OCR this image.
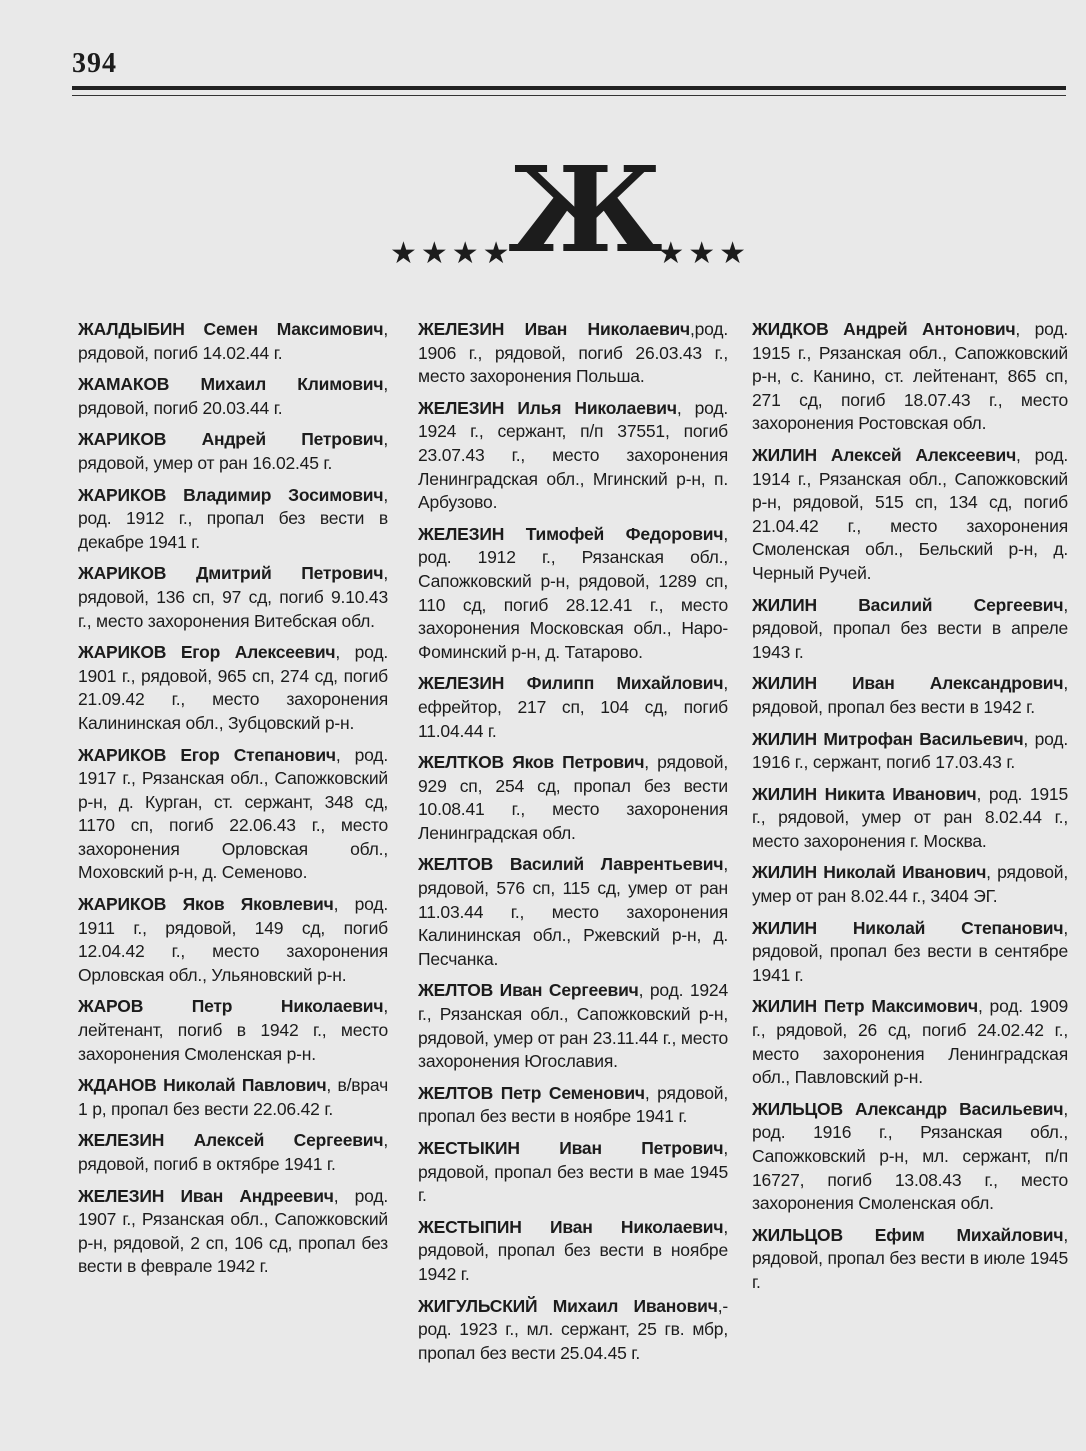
394
★★★★
Ж
★★★

ЖАЛДЫБИН Семен Максимович, рядовой, погиб 14.02.44 г.

ЖАМАКОВ Михаил Климович, рядовой, погиб 20.03.44 г.

ЖАРИКОВ Андрей Петрович, рядовой, умер от ран 16.02.45 г.

ЖАРИКОВ Владимир Зосимович, род. 1912 г., пропал без вести в декабре 1941 г.

ЖАРИКОВ Дмитрий Петрович, рядовой, 136 сп, 97 сд, погиб 9.10.43 г., место захоронения Витебская обл.

ЖАРИКОВ Егор Алексеевич, род. 1901 г., рядовой, 965 сп, 274 сд, погиб 21.09.42 г., место захоронения Калининская обл., Зубцовский р-н.

ЖАРИКОВ Егор Степанович, род. 1917 г., Рязанская обл., Сапожковский р-н, д. Курган, ст. сержант, 348 сд, 1170 сп, погиб 22.06.43 г., место захоронения Орловская обл., Моховский р-н, д. Семеново.

ЖАРИКОВ Яков Яковлевич, род. 1911 г., рядовой, 149 сд, погиб 12.04.42 г., место захоронения Орловская обл., Ульяновский р-н.

ЖАРОВ Петр Николаевич, лейтенант, погиб в 1942 г., место захоронения Смоленская р-н.

ЖДАНОВ Николай Павлович, в/врач 1 р, пропал без вести 22.06.42 г.

ЖЕЛЕЗИН Алексей Сергеевич, рядовой, погиб в октябре 1941 г.

ЖЕЛЕЗИН Иван Андреевич, род. 1907 г., Рязанская обл., Сапожковский р-н, рядовой, 2 сп, 106 сд, пропал без вести в феврале 1942 г.

ЖЕЛЕЗИН Иван Николаевич,род. 1906 г., рядовой, погиб 26.03.43 г., место захоронения Польша.

ЖЕЛЕЗИН Илья Николаевич, род. 1924 г., сержант, п/п 37551, погиб 23.07.43 г., место захоронения Ленинградская обл., Мгинский р-н, п. Арбузово.

ЖЕЛЕЗИН Тимофей Федорович, род. 1912 г., Рязанская обл., Сапожковский р-н, рядовой, 1289 сп, 110 сд, погиб 28.12.41 г., место захоронения Московская обл., Наро-Фоминский р-н, д. Татарово.

ЖЕЛЕЗИН Филипп Михайлович, ефрейтор, 217 сп, 104 сд, погиб 11.04.44 г.

ЖЕЛТКОВ Яков Петрович, рядовой, 929 сп, 254 сд, пропал без вести 10.08.41 г., место захоронения Ленинградская обл.

ЖЕЛТОВ Василий Лаврентьевич, рядовой, 576 сп, 115 сд, умер от ран 11.03.44 г., место захоронения Калининская обл., Ржевский р-н, д. Песчанка.

ЖЕЛТОВ Иван Сергеевич, род. 1924 г., Рязанская обл., Сапожковский р-н, рядовой, умер от ран 23.11.44 г., место захоронения Югославия.

ЖЕЛТОВ Петр Семенович, рядовой, пропал без вести в ноябре 1941 г.

ЖЕСТЫКИН Иван Петрович, рядовой, пропал без вести в мае 1945 г.

ЖЕСТЫПИН Иван Николаевич, рядовой, пропал без вести в ноябре 1942 г.

ЖИГУЛЬСКИЙ Михаил Иванович,-род. 1923 г., мл. сержант, 25 гв. мбр, пропал без вести 25.04.45 г.

ЖИДКОВ Андрей Антонович, род. 1915 г., Рязанская обл., Сапожковский р-н, с. Канино, ст. лейтенант, 865 сп, 271 сд, погиб 18.07.43 г., место захоронения Ростовская обл.

ЖИЛИН Алексей Алексеевич, род. 1914 г., Рязанская обл., Сапожковский р-н, рядовой, 515 сп, 134 сд, погиб 21.04.42 г., место захоронения Смоленская обл., Бельский р-н, д. Черный Ручей.

ЖИЛИН Василий Сергеевич, рядовой, пропал без вести в апреле 1943 г.

ЖИЛИН Иван Александрович, рядовой, пропал без вести в 1942 г.

ЖИЛИН Митрофан Васильевич, род. 1916 г., сержант, погиб 17.03.43 г.

ЖИЛИН Никита Иванович, род. 1915 г., рядовой, умер от ран 8.02.44 г., место захоронения г. Москва.

ЖИЛИН Николай Иванович, рядовой, умер от ран 8.02.44 г., 3404 ЭГ.

ЖИЛИН Николай Степанович, рядовой, пропал без вести в сентябре 1941 г.

ЖИЛИН Петр Максимович, род. 1909 г., рядовой, 26 сд, погиб 24.02.42 г., место захоронения Ленинградская обл., Павловский р-н.

ЖИЛЬЦОВ Александр Васильевич, род. 1916 г., Рязанская обл., Сапожковский р-н, мл. сержант, п/п 16727, погиб 13.08.43 г., место захоронения Смоленская обл.

ЖИЛЬЦОВ Ефим Михайлович, рядовой, пропал без вести в июле 1945 г.
